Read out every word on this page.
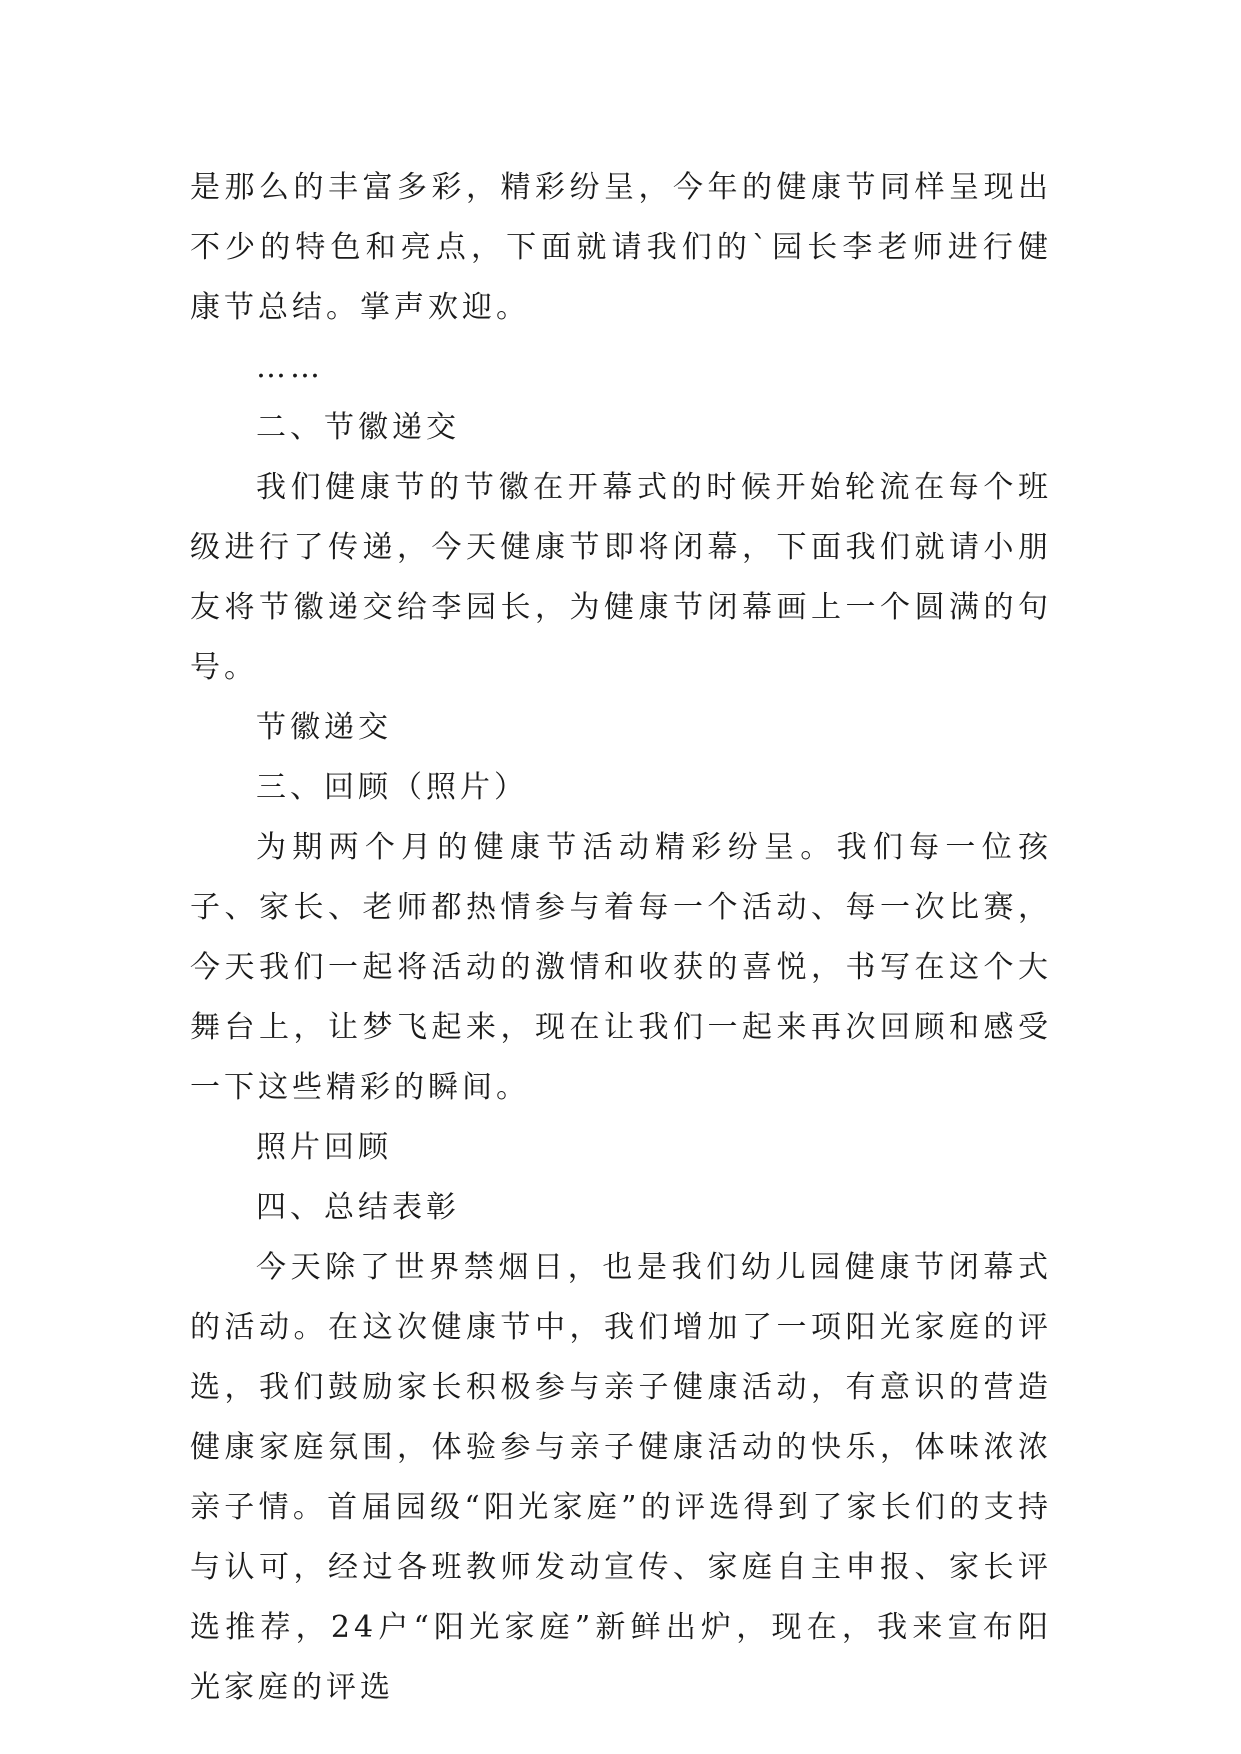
是那么的丰富多彩，精彩纷呈，今年的健康节同样呈现出不少的特色和亮点，下面就请我们的`园长李老师进行健康节总结。掌声欢迎。

……

二、节徽递交

我们健康节的节徽在开幕式的时候开始轮流在每个班级进行了传递，今天健康节即将闭幕，下面我们就请小朋友将节徽递交给李园长，为健康节闭幕画上一个圆满的句号。

节徽递交

三、回顾（照片）

为期两个月的健康节活动精彩纷呈。我们每一位孩子、家长、老师都热情参与着每一个活动、每一次比赛，今天我们一起将活动的激情和收获的喜悦，书写在这个大舞台上，让梦飞起来，现在让我们一起来再次回顾和感受一下这些精彩的瞬间。

照片回顾

四、总结表彰

今天除了世界禁烟日，也是我们幼儿园健康节闭幕式的活动。在这次健康节中，我们增加了一项阳光家庭的评选，我们鼓励家长积极参与亲子健康活动，有意识的营造健康家庭氛围，体验参与亲子健康活动的快乐，体味浓浓亲子情。首届园级“阳光家庭”的评选得到了家长们的支持与认可，经过各班教师发动宣传、家庭自主申报、家长评选推荐，24户“阳光家庭”新鲜出炉，现在，我来宣布阳光家庭的评选
